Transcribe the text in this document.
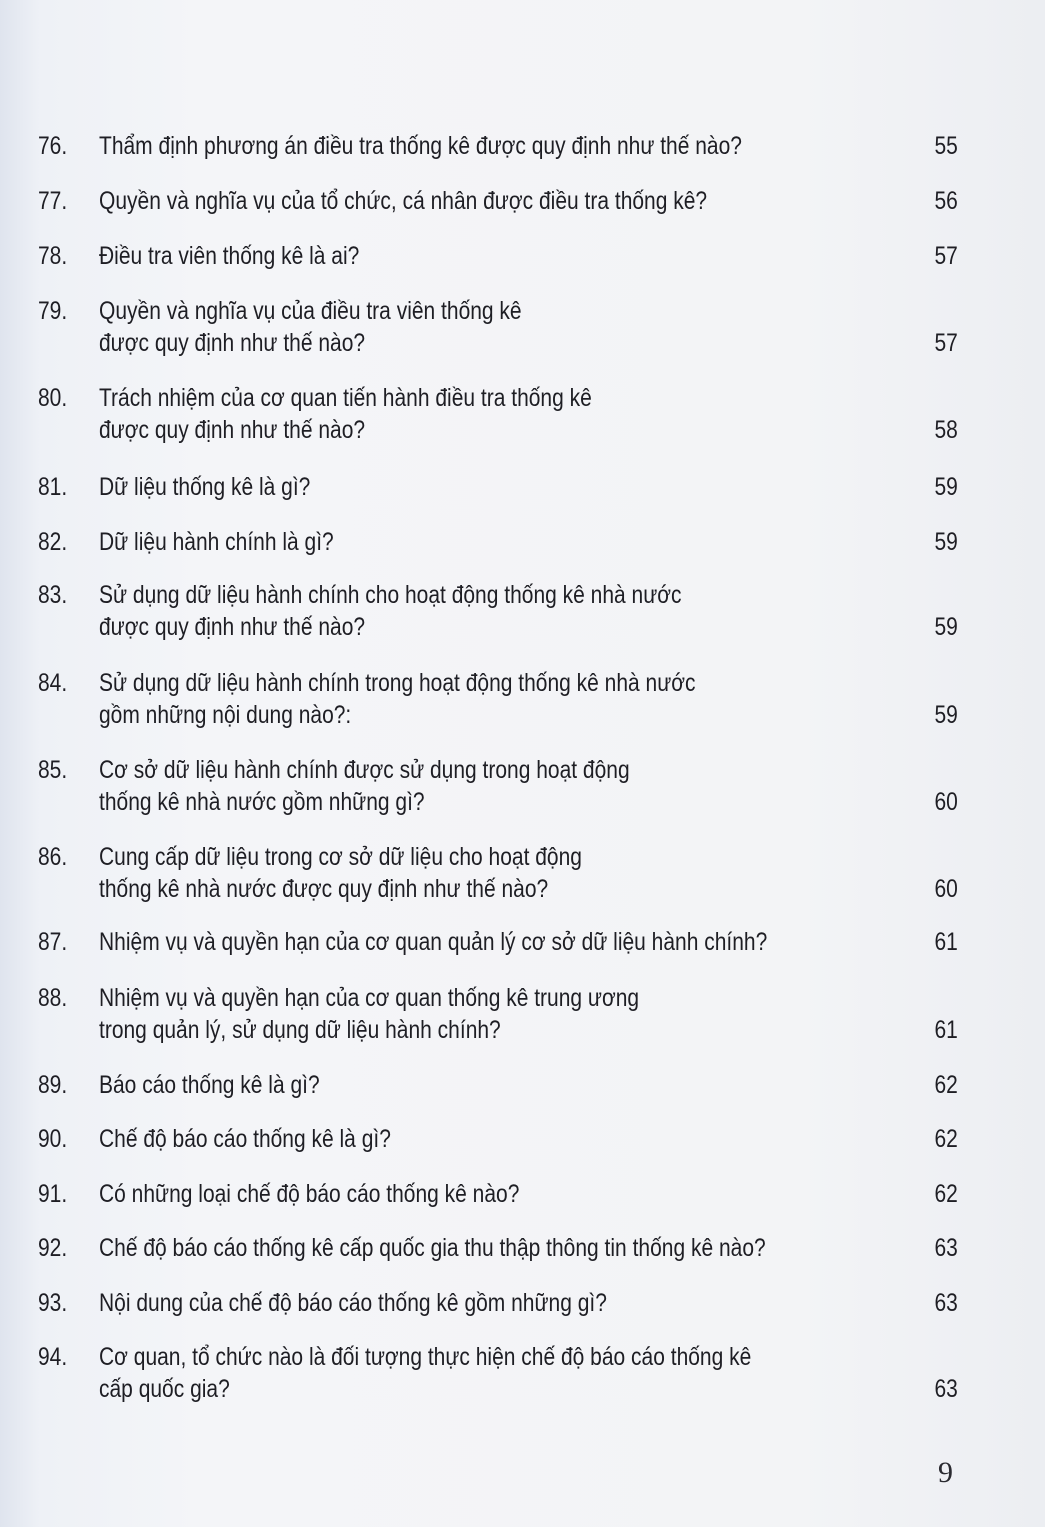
76. Thẩm định phương án điều tra thống kê được quy định như thế nào?	55
77. Quyền và nghĩa vụ của tổ chức, cá nhân được điều tra thống kê?	56
78. Điều tra viên thống kê là ai?	57
79. Quyền và nghĩa vụ của điều tra viên thống kê
được quy định như thế nào?	57
80. Trách nhiệm của cơ quan tiến hành điều tra thống kê
được quy định như thế nào?	58
81. Dữ liệu thống kê là gì?	59
82. Dữ liệu hành chính là gì?	59
83. Sử dụng dữ liệu hành chính cho hoạt động thống kê nhà nước
được quy định như thế nào?	59
84. Sử dụng dữ liệu hành chính trong hoạt động thống kê nhà nước
gồm những nội dung nào?:	59
85. Cơ sở dữ liệu hành chính được sử dụng trong hoạt động
thống kê nhà nước gồm những gì?	60
86. Cung cấp dữ liệu trong cơ sở dữ liệu cho hoạt động
thống kê nhà nước được quy định như thế nào?	60
87. Nhiệm vụ và quyền hạn của cơ quan quản lý cơ sở dữ liệu hành chính?	61
88. Nhiệm vụ và quyền hạn của cơ quan thống kê trung ương
trong quản lý, sử dụng dữ liệu hành chính?	61
89. Báo cáo thống kê là gì?	62
90. Chế độ báo cáo thống kê là gì?	62
91. Có những loại chế độ báo cáo thống kê nào?	62
92. Chế độ báo cáo thống kê cấp quốc gia thu thập thông tin thống kê nào?	63
93. Nội dung của chế độ báo cáo thống kê gồm những gì?	63
94. Cơ quan, tổ chức nào là đối tượng thực hiện chế độ báo cáo thống kê
cấp quốc gia?	63
9
